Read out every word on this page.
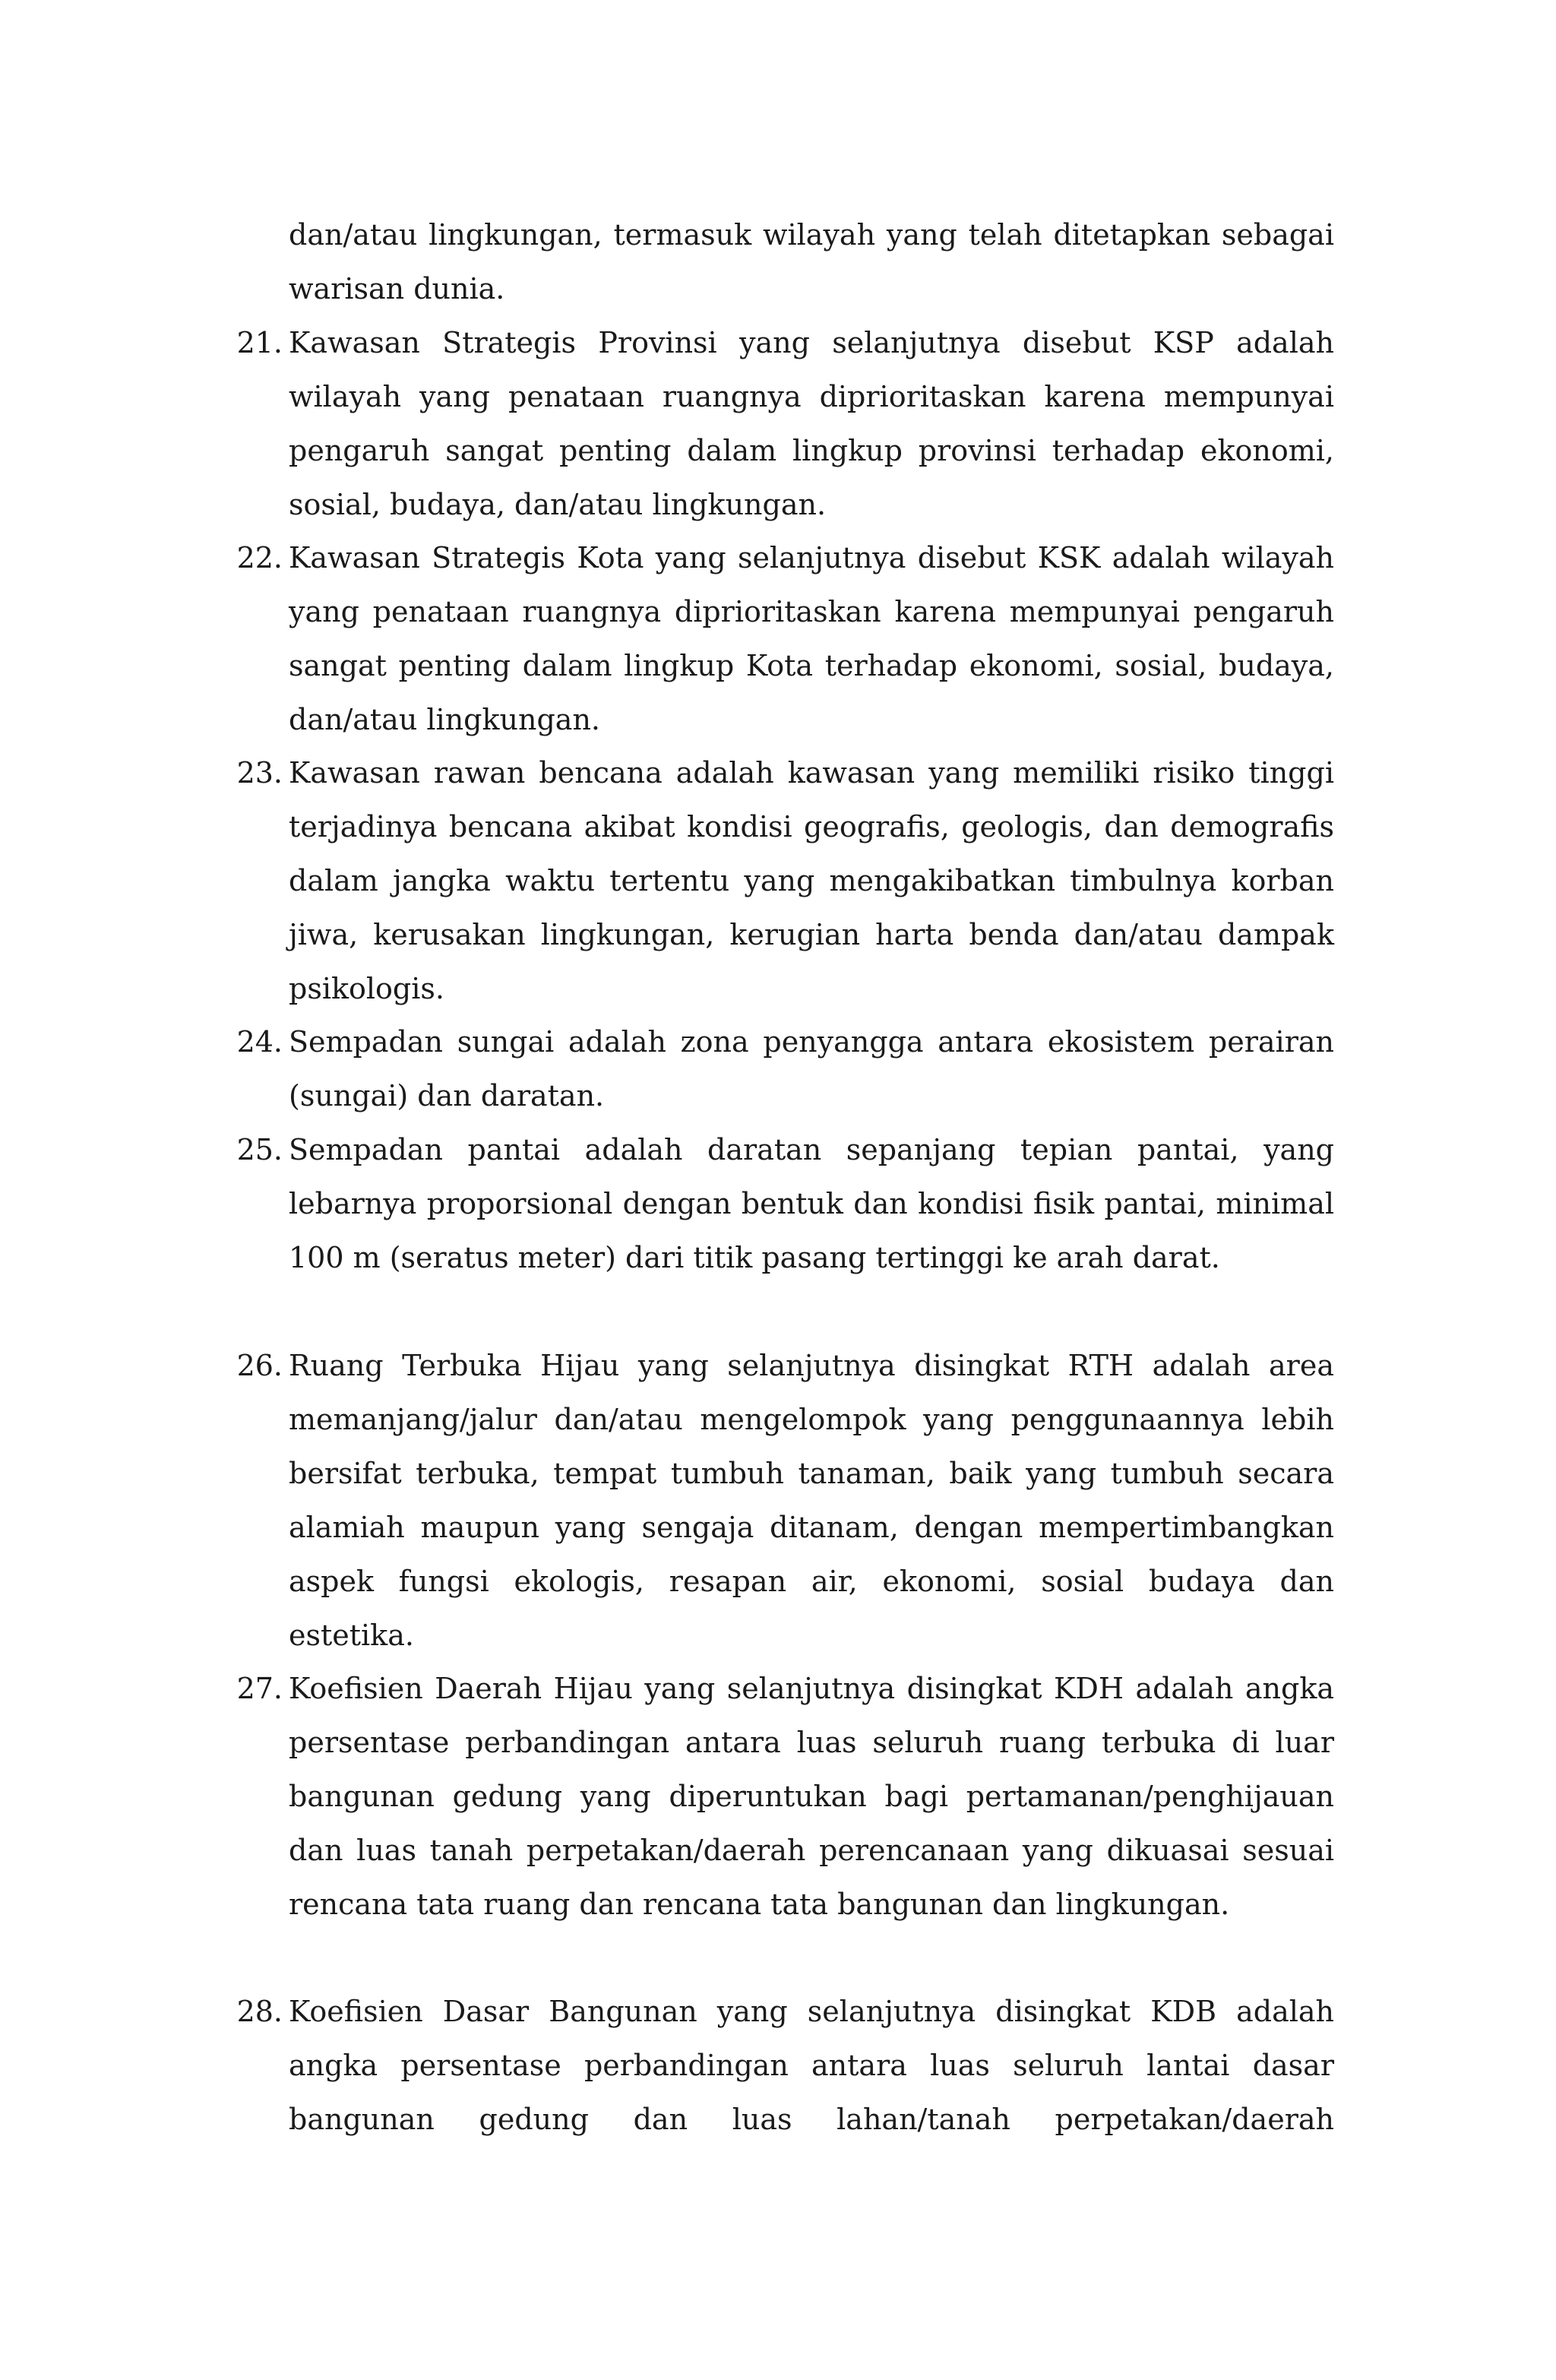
dan/atau lingkungan, termasuk wilayah yang telah ditetapkan sebagai warisan dunia.
21. Kawasan Strategis Provinsi yang selanjutnya disebut KSP adalah wilayah yang penataan ruangnya diprioritaskan karena mempunyai pengaruh sangat penting dalam lingkup provinsi terhadap ekonomi, sosial, budaya, dan/atau lingkungan.
22. Kawasan Strategis Kota yang selanjutnya disebut KSK adalah wilayah yang penataan ruangnya diprioritaskan karena mempunyai pengaruh sangat penting dalam lingkup Kota terhadap ekonomi, sosial, budaya, dan/atau lingkungan.
23. Kawasan rawan bencana adalah kawasan yang memiliki risiko tinggi terjadinya bencana akibat kondisi geografis, geologis, dan demografis dalam jangka waktu tertentu yang mengakibatkan timbulnya korban jiwa, kerusakan lingkungan, kerugian harta benda dan/atau dampak psikologis.
24. Sempadan sungai adalah zona penyangga antara ekosistem perairan (sungai) dan daratan.
25. Sempadan pantai adalah daratan sepanjang tepian pantai, yang lebarnya proporsional dengan bentuk dan kondisi fisik pantai, minimal 100 m (seratus meter) dari titik pasang tertinggi ke arah darat.
26. Ruang Terbuka Hijau yang selanjutnya disingkat RTH adalah area memanjang/jalur dan/atau mengelompok yang penggunaannya lebih bersifat terbuka, tempat tumbuh tanaman, baik yang tumbuh secara alamiah maupun yang sengaja ditanam, dengan mempertimbangkan aspek fungsi ekologis, resapan air, ekonomi, sosial budaya dan estetika.
27. Koefisien Daerah Hijau yang selanjutnya disingkat KDH adalah angka persentase perbandingan antara luas seluruh ruang terbuka di luar bangunan gedung yang diperuntukan bagi pertamanan/penghijauan dan luas tanah perpetakan/daerah perencanaan yang dikuasai sesuai rencana tata ruang dan rencana tata bangunan dan lingkungan.
28. Koefisien Dasar Bangunan yang selanjutnya disingkat KDB adalah angka persentase perbandingan antara luas seluruh lantai dasar bangunan gedung dan luas lahan/tanah perpetakan/daerah
